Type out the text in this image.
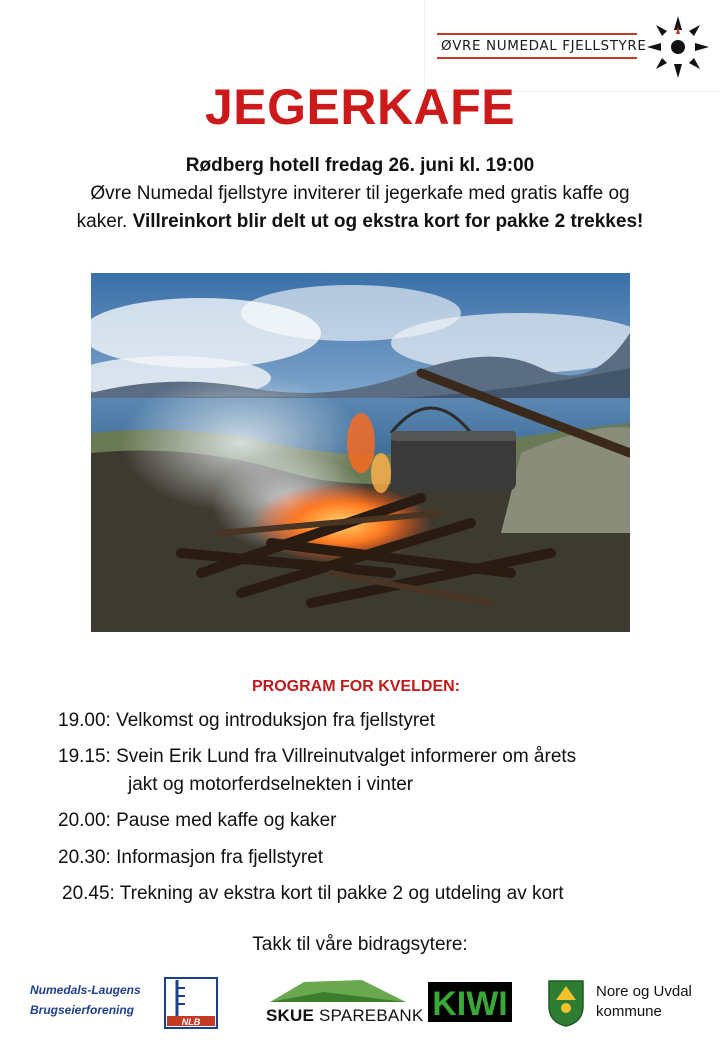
ØVRE NUMEDAL FJELLSTYRE
JEGERKAFE
Rødberg hotell fredag 26. juni kl. 19:00
Øvre Numedal fjellstyre inviterer til jegerkafe med gratis kaffe og
kaker. Villreinkort blir delt ut og ekstra kort for pakke 2 trekkes!
PROGRAM FOR KVELDEN:
19.00: Velkomst og introduksjon fra fjellstyret
19.15: Svein Erik Lund fra Villreinutvalget informerer om årets
jakt og motorferdselnekten i vinter
20.00: Pause med kaffe og kaker
20.30: Informasjon fra fjellstyret
20.45: Trekning av ekstra kort til pakke 2 og utdeling av kort
Takk til våre bidragsytere:
Numedals-Laugens
Brugseierforening
NLB	SKUE SPAREBANK KIWI	Nore og Uvdal
kommune
